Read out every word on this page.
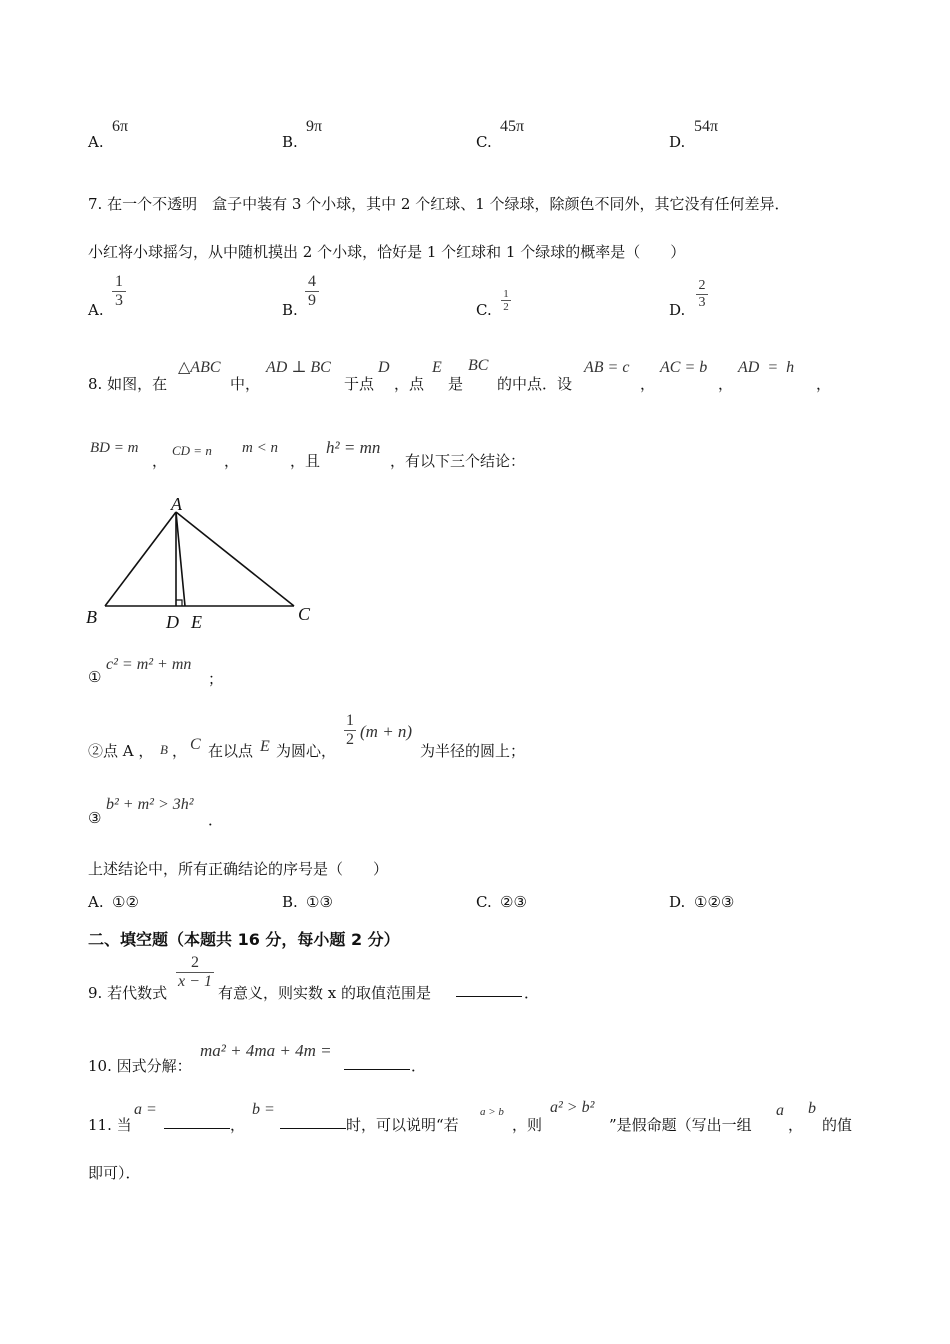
A.
6π
B.
9π
C.
45π
D.
54π
7. 在一个不透明　盒子中装有 3 个小球，其中 2 个红球、1 个绿球，除颜色不同外，其它没有任何差异．
小红将小球摇匀，从中随机摸出 2 个小球，恰好是 1 个红球和 1 个绿球的概率是（　　）
A.
1
3
B.
4
9
C.
1
2	D.
2
3
8. 如图，在
△ABC
中，
AD ⊥ BC
于点
D
，点
E
是
BC
的中点．设
AB = c
，
AC = b
，
AD  =  h
，
BD = m
，
CD = n
，
m < n
，且
h² = mn
，有以下三个结论：
A
B	C
D E
①
c² = m² + mn
；
②点 A ， B ， C 在以点 E 为圆心，
1
2 (m + n)
为半径的圆上；
③
b² + m² > 3h²
．
上述结论中，所有正确结论的序号是（　　）
A. ①②	B. ①③	C. ②③	D. ①②③
二、填空题（本题共 16 分，每小题 2 分）
9. 若代数式
2
x − 1
有意义，则实数 x 的取值范围是	．
10. 因式分解：
ma² + 4ma + 4m =
．
11. 当
a =
，
b =
时，可以说明“若
a > b
，则
a² > b²
”是假命题（写出一组
a
，
b
的值
即可）．
